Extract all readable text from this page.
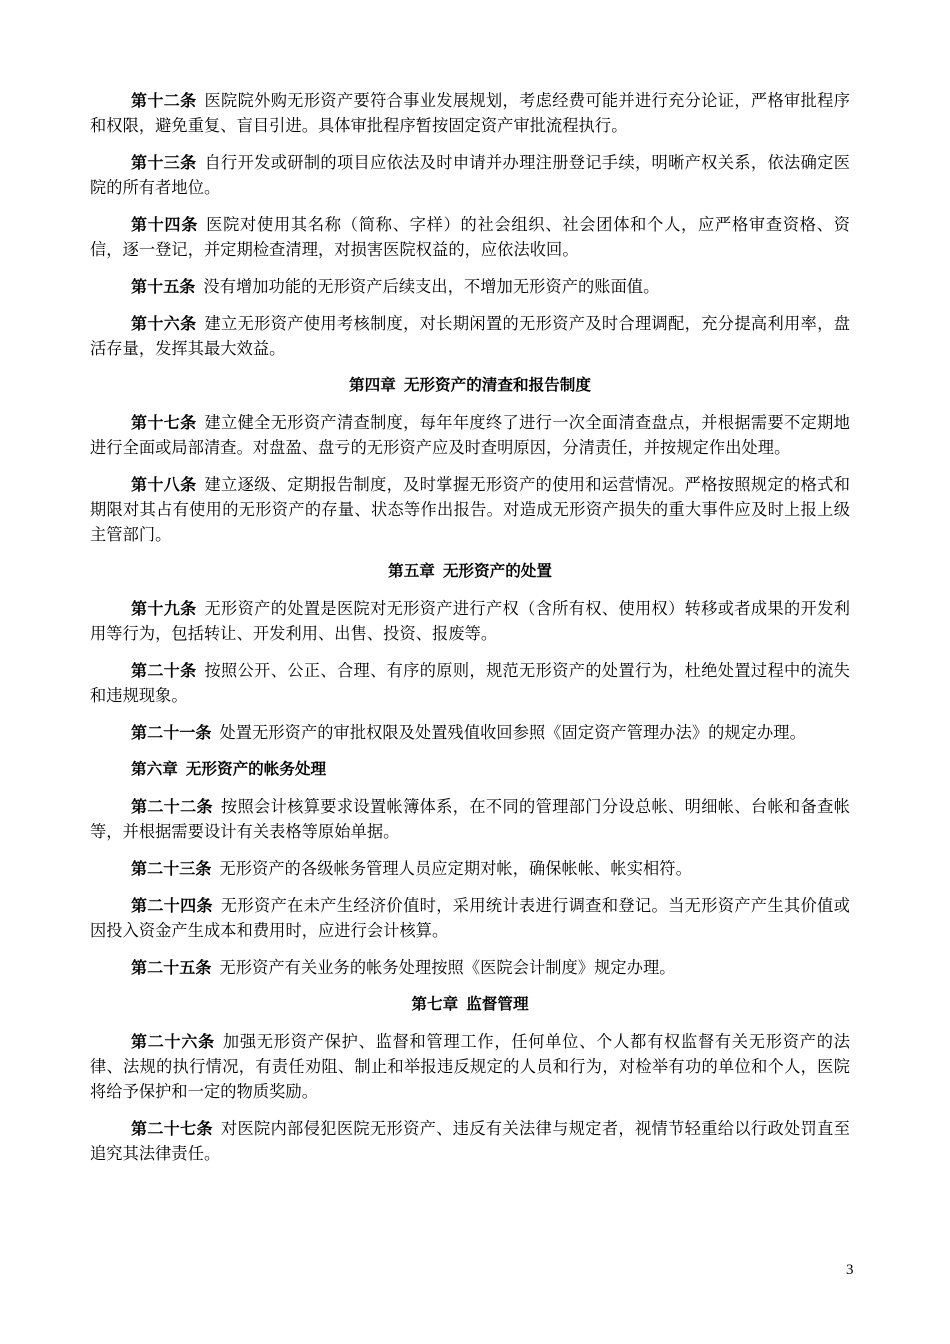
第十二条 医院院外购无形资产要符合事业发展规划，考虑经费可能并进行充分论证，严格审批程序和权限，避免重复、盲目引进。具体审批程序暂按固定资产审批流程执行。

第十三条 自行开发或研制的项目应依法及时申请并办理注册登记手续，明晰产权关系，依法确定医院的所有者地位。

第十四条 医院对使用其名称（简称、字样）的社会组织、社会团体和个人，应严格审查资格、资信，逐一登记，并定期检查清理，对损害医院权益的，应依法收回。

第十五条 没有增加功能的无形资产后续支出，不增加无形资产的账面值。

第十六条 建立无形资产使用考核制度，对长期闲置的无形资产及时合理调配，充分提高利用率，盘活存量，发挥其最大效益。

第四章 无形资产的清查和报告制度

第十七条 建立健全无形资产清查制度，每年年度终了进行一次全面清查盘点，并根据需要不定期地进行全面或局部清查。对盘盈、盘亏的无形资产应及时查明原因，分清责任，并按规定作出处理。

第十八条 建立逐级、定期报告制度，及时掌握无形资产的使用和运营情况。严格按照规定的格式和期限对其占有使用的无形资产的存量、状态等作出报告。对造成无形资产损失的重大事件应及时上报上级主管部门。

第五章 无形资产的处置

第十九条 无形资产的处置是医院对无形资产进行产权（含所有权、使用权）转移或者成果的开发利用等行为，包括转让、开发利用、出售、投资、报废等。

第二十条 按照公开、公正、合理、有序的原则，规范无形资产的处置行为，杜绝处置过程中的流失和违规现象。

第二十一条 处置无形资产的审批权限及处置残值收回参照《固定资产管理办法》的规定办理。

第六章 无形资产的帐务处理

第二十二条 按照会计核算要求设置帐簿体系，在不同的管理部门分设总帐、明细帐、台帐和备查帐等，并根据需要设计有关表格等原始单据。

第二十三条 无形资产的各级帐务管理人员应定期对帐，确保帐帐、帐实相符。

第二十四条 无形资产在未产生经济价值时，采用统计表进行调查和登记。当无形资产产生其价值或因投入资金产生成本和费用时，应进行会计核算。

第二十五条 无形资产有关业务的帐务处理按照《医院会计制度》规定办理。

第七章 监督管理

第二十六条 加强无形资产保护、监督和管理工作，任何单位、个人都有权监督有关无形资产的法律、法规的执行情况，有责任劝阻、制止和举报违反规定的人员和行为，对检举有功的单位和个人，医院将给予保护和一定的物质奖励。

第二十七条 对医院内部侵犯医院无形资产、违反有关法律与规定者，视情节轻重给以行政处罚直至追究其法律责任。

3
